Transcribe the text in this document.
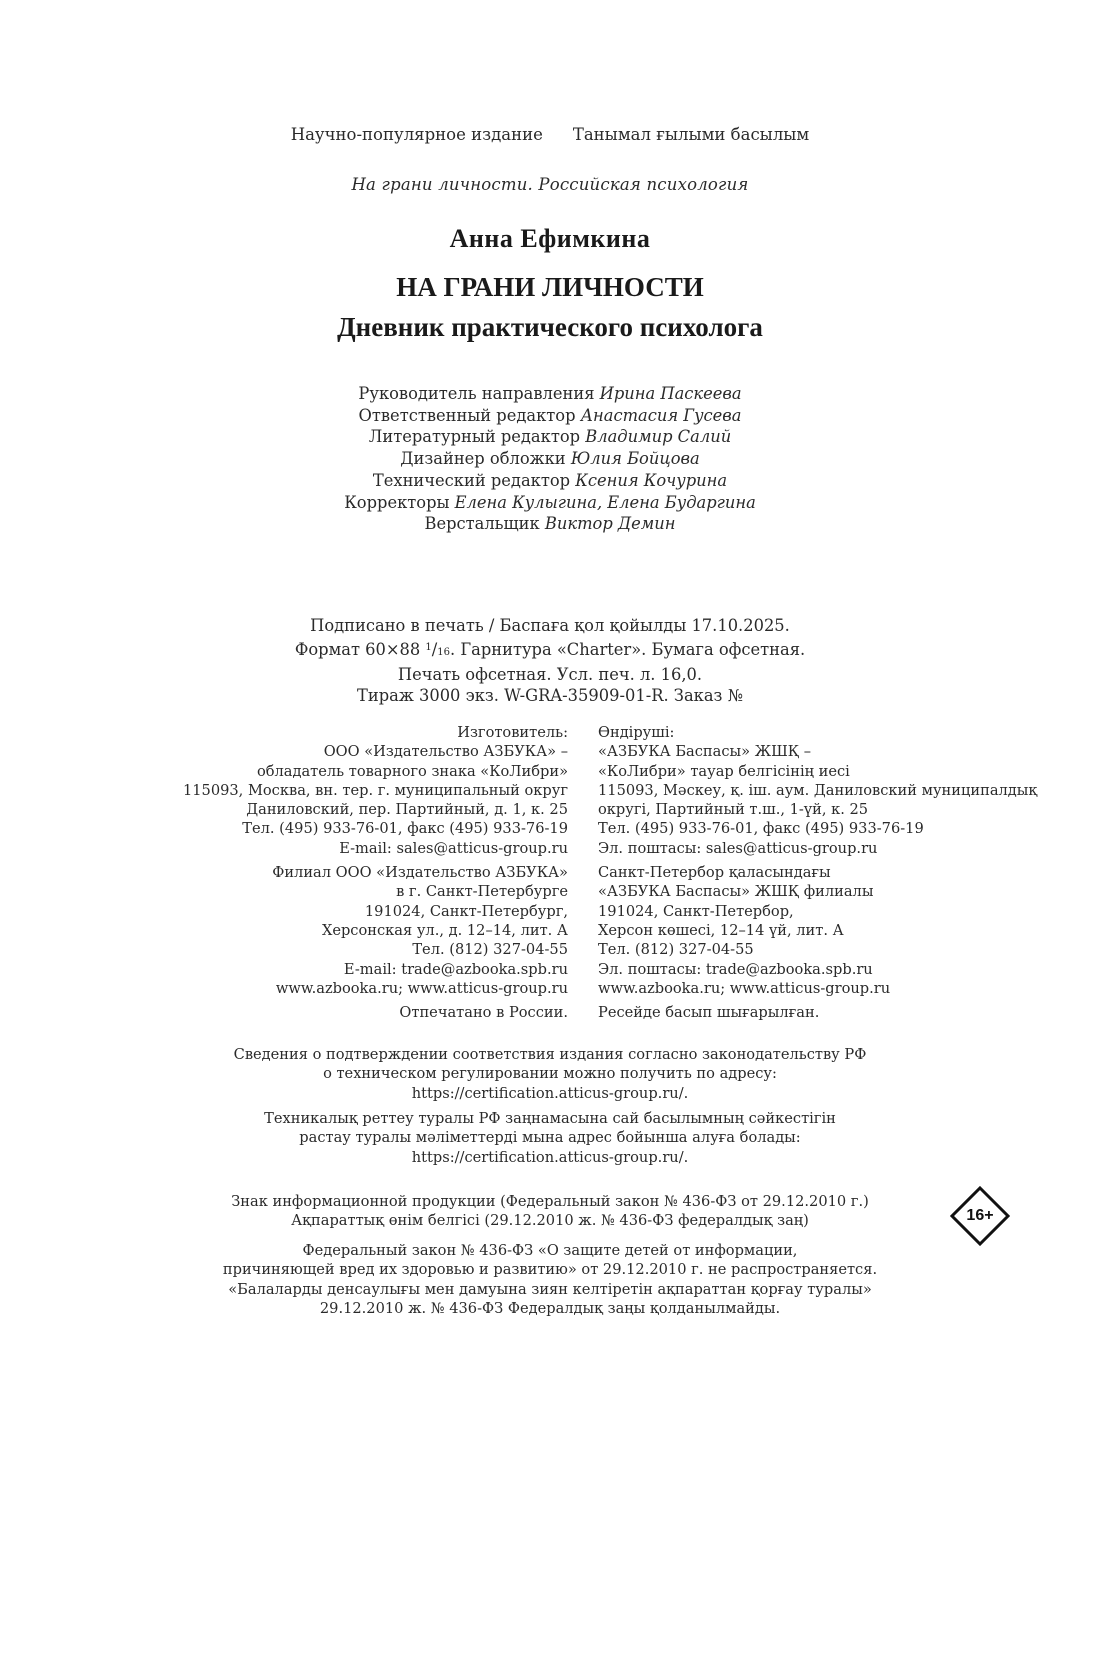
Научно-популярное издание Танымал ғылыми басылым
На грани личности. Российская психология
Анна Ефимкина
НА ГРАНИ ЛИЧНОСТИ
Дневник практического психолога
Руководитель направления Ирина Паскеева
Ответственный редактор Анастасия Гусева
Литературный редактор Владимир Салий
Дизайнер обложки Юлия Бойцова
Технический редактор Ксения Кочурина
Корректоры Елена Кулыгина, Елена Бударгина
Верстальщик Виктор Демин
Подписано в печать / Баспаға қол қойылды 17.10.2025.
Формат 60×88 $^1$/16. Гарнитура «Charter». Бумага офсетная.
Печать офсетная. Усл. печ. л. 16,0.
Тираж 3000 экз. W-GRA-35909-01-R. Заказ №
Изготовитель:
ООО «Издательство АЗБУКА» –
обладатель товарного знака «КоЛибри»
115093, Москва, вн. тер. г. муниципальный округ
Даниловский, пер. Партийный, д. 1, к. 25
Тел. (495) 933-76-01, факс (495) 933-76-19
E-mail: sales@atticus-group.ru
Филиал ООО «Издательство АЗБУКА»
в г. Санкт-Петербурге
191024, Санкт-Петербург,
Херсонская ул., д. 12–14, лит. А
Тел. (812) 327-04-55
E-mail: trade@azbooka.spb.ru
www.azbooka.ru; www.atticus-group.ru
Отпечатано в России.
Өндіруші:
«АЗБУКА Баспасы» ЖШҚ –
«КоЛибри» тауар белгісінің иесі
115093, Мәскеу, қ. іш. аум. Даниловский муниципалдық
округі, Партийный т.ш., 1-үй, к. 25
Тел. (495) 933-76-01, факс (495) 933-76-19
Эл. поштасы: sales@atticus-group.ru
Санкт-Петербор қаласындағы
«АЗБУКА Баспасы» ЖШҚ филиалы
191024, Санкт-Петербор,
Херсон көшесі, 12–14 үй, лит. А
Тел. (812) 327-04-55
Эл. поштасы: trade@azbooka.spb.ru
www.azbooka.ru; www.atticus-group.ru
Ресейде басып шығарылған.
Сведения о подтверждении соответствия издания согласно законодательству РФ
о техническом регулировании можно получить по адресу:
https://certification.atticus-group.ru/.
Техникалық реттеу туралы РФ заңнамасына сай басылымның сәйкестігін
растау туралы мәліметтерді мына адрес бойынша алуға болады:
https://certification.atticus-group.ru/.
Знак информационной продукции (Федеральный закон № 436-ФЗ от 29.12.2010 г.)
Ақпараттық өнім белгісі (29.12.2010 ж. № 436-ФЗ федералдық заң)
Федеральный закон № 436-ФЗ «О защите детей от информации,
причиняющей вред их здоровью и развитию» от 29.12.2010 г. не распространяется.
«Балаларды денсаулығы мен дамуына зиян келтіретін ақпараттан қорғау туралы»
29.12.2010 ж. № 436-ФЗ Федералдық заңы қолданылмайды.
16+
